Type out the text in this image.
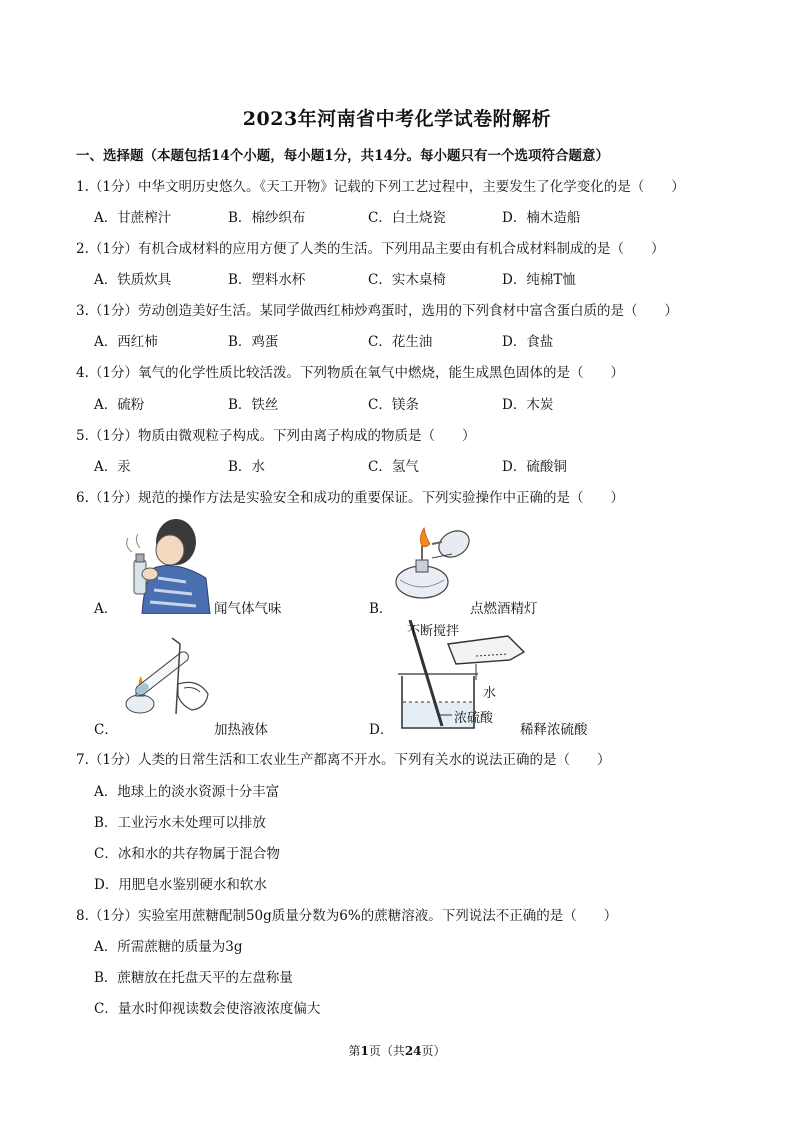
2023年河南省中考化学试卷附解析
一、选择题（本题包括14个小题，每小题1分，共14分。每小题只有一个选项符合题意）
1.（1分）中华文明历史悠久。《天工开物》记载的下列工艺过程中，主要发生了化学变化的是（　　）
A．甘蔗榨汁	B．棉纱织布	C．白土烧瓷	D．楠木造船
2.（1分）有机合成材料的应用方便了人类的生活。下列用品主要由有机合成材料制成的是（　　）
A．铁质炊具	B．塑料水杯	C．实木桌椅	D．纯棉T恤
3.（1分）劳动创造美好生活。某同学做西红柿炒鸡蛋时，选用的下列食材中富含蛋白质的是（　　）
A．西红柿	B．鸡蛋	C．花生油	D．食盐
4.（1分）氧气的化学性质比较活泼。下列物质在氧气中燃烧，能生成黑色固体的是（　　）
A．硫粉	B．铁丝	C．镁条	D．木炭
5.（1分）物质由微观粒子构成。下列由离子构成的物质是（　　）
A．汞	B．水	C．氢气	D．硫酸铜
6.（1分）规范的操作方法是实验安全和成功的重要保证。下列实验操作中正确的是（　　）
A．	闻气体气味	B．	点燃酒精灯
C．	加热液体
不断搅拌
水
浓硫酸
D．	稀释浓硫酸
7.（1分）人类的日常生活和工农业生产都离不开水。下列有关水的说法正确的是（　　）
A．地球上的淡水资源十分丰富
B．工业污水未处理可以排放
C．冰和水的共存物属于混合物
D．用肥皂水鉴别硬水和软水
8.（1分）实验室用蔗糖配制50g质量分数为6%的蔗糖溶液。下列说法不正确的是（　　）
A．所需蔗糖的质量为3g
B．蔗糖放在托盘天平的左盘称量
C．量水时仰视读数会使溶液浓度偏大
第1页（共24页）
